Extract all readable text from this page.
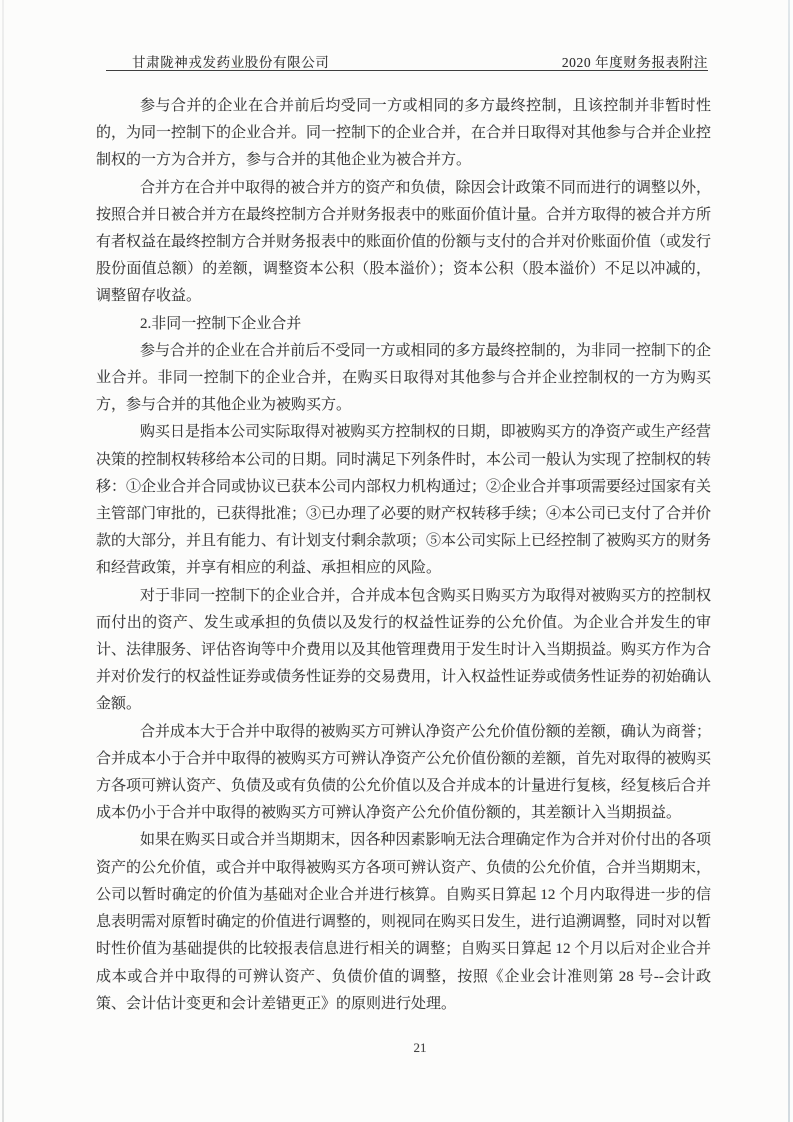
甘肃陇神戎发药业股份有限公司	2020 年度财务报表附注

参与合并的企业在合并前后均受同一方或相同的多方最终控制，且该控制并非暂时性的，为同一控制下的企业合并。同一控制下的企业合并，在合并日取得对其他参与合并企业控制权的一方为合并方，参与合并的其他企业为被合并方。

合并方在合并中取得的被合并方的资产和负债，除因会计政策不同而进行的调整以外，按照合并日被合并方在最终控制方合并财务报表中的账面价值计量。合并方取得的被合并方所有者权益在最终控制方合并财务报表中的账面价值的份额与支付的合并对价账面价值（或发行股份面值总额）的差额，调整资本公积（股本溢价）；资本公积（股本溢价）不足以冲减的，调整留存收益。

2.非同一控制下企业合并

参与合并的企业在合并前后不受同一方或相同的多方最终控制的，为非同一控制下的企业合并。非同一控制下的企业合并，在购买日取得对其他参与合并企业控制权的一方为购买方，参与合并的其他企业为被购买方。

购买日是指本公司实际取得对被购买方控制权的日期，即被购买方的净资产或生产经营决策的控制权转移给本公司的日期。同时满足下列条件时，本公司一般认为实现了控制权的转移：①企业合并合同或协议已获本公司内部权力机构通过；②企业合并事项需要经过国家有关主管部门审批的，已获得批准；③已办理了必要的财产权转移手续；④本公司已支付了合并价款的大部分，并且有能力、有计划支付剩余款项；⑤本公司实际上已经控制了被购买方的财务和经营政策，并享有相应的利益、承担相应的风险。

对于非同一控制下的企业合并，合并成本包含购买日购买方为取得对被购买方的控制权而付出的资产、发生或承担的负债以及发行的权益性证券的公允价值。为企业合并发生的审计、法律服务、评估咨询等中介费用以及其他管理费用于发生时计入当期损益。购买方作为合并对价发行的权益性证券或债务性证券的交易费用，计入权益性证券或债务性证券的初始确认金额。

合并成本大于合并中取得的被购买方可辨认净资产公允价值份额的差额，确认为商誉；合并成本小于合并中取得的被购买方可辨认净资产公允价值份额的差额，首先对取得的被购买方各项可辨认资产、负债及或有负债的公允价值以及合并成本的计量进行复核，经复核后合并成本仍小于合并中取得的被购买方可辨认净资产公允价值份额的，其差额计入当期损益。

如果在购买日或合并当期期末，因各种因素影响无法合理确定作为合并对价付出的各项资产的公允价值，或合并中取得被购买方各项可辨认资产、负债的公允价值，合并当期期末，公司以暂时确定的价值为基础对企业合并进行核算。自购买日算起 12 个月内取得进一步的信息表明需对原暂时确定的价值进行调整的，则视同在购买日发生，进行追溯调整，同时对以暂时性价值为基础提供的比较报表信息进行相关的调整；自购买日算起 12 个月以后对企业合并成本或合并中取得的可辨认资产、负债价值的调整，按照《企业会计准则第 28 号--会计政策、会计估计变更和会计差错更正》的原则进行处理。

21
